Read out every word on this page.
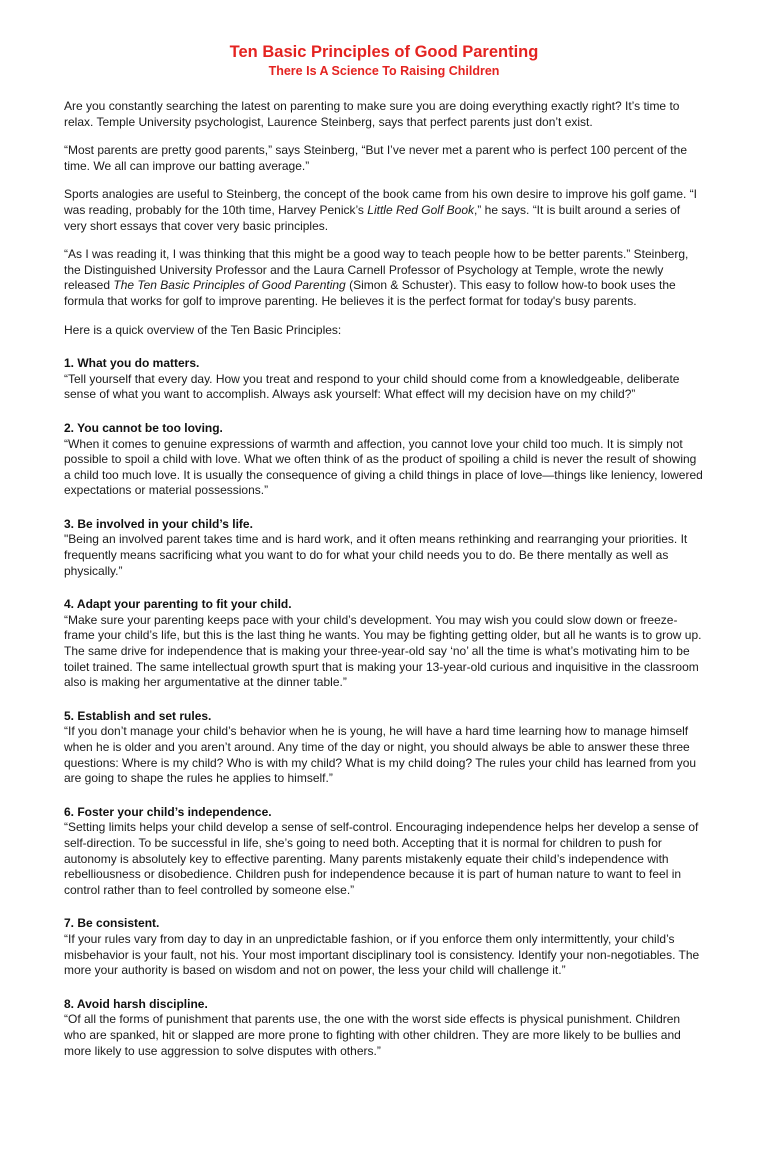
Ten Basic Principles of Good Parenting
There Is A Science To Raising Children

Are you constantly searching the latest on parenting to make sure you are doing everything exactly right? It’s time to relax. Temple University psychologist, Laurence Steinberg, says that perfect parents just don’t exist.

“Most parents are pretty good parents,” says Steinberg, “But I’ve never met a parent who is perfect 100 percent of the time. We all can improve our batting average.”

Sports analogies are useful to Steinberg, the concept of the book came from his own desire to improve his golf game. “I was reading, probably for the 10th time, Harvey Penick’s Little Red Golf Book,” he says. “It is built around a series of very short essays that cover very basic principles.

“As I was reading it, I was thinking that this might be a good way to teach people how to be better parents.” Steinberg, the Distinguished University Professor and the Laura Carnell Professor of Psychology at Temple, wrote the newly released The Ten Basic Principles of Good Parenting (Simon & Schuster). This easy to follow how-to book uses the formula that works for golf to improve parenting. He believes it is the perfect format for today's busy parents.

Here is a quick overview of the Ten Basic Principles:

1. What you do matters.

“Tell yourself that every day. How you treat and respond to your child should come from a knowledgeable, deliberate sense of what you want to accomplish. Always ask yourself: What effect will my decision have on my child?”

2. You cannot be too loving.

“When it comes to genuine expressions of warmth and affection, you cannot love your child too much. It is simply not possible to spoil a child with love. What we often think of as the product of spoiling a child is never the result of showing a child too much love. It is usually the consequence of giving a child things in place of love—things like leniency, lowered expectations or material possessions.”

3. Be involved in your child’s life.

"Being an involved parent takes time and is hard work, and it often means rethinking and rearranging your priorities. It frequently means sacrificing what you want to do for what your child needs you to do. Be there mentally as well as physically.”

4. Adapt your parenting to fit your child.

“Make sure your parenting keeps pace with your child’s development. You may wish you could slow down or freeze-frame your child’s life, but this is the last thing he wants. You may be fighting getting older, but all he wants is to grow up. The same drive for independence that is making your three-year-old say ‘no’ all the time is what’s motivating him to be toilet trained. The same intellectual growth spurt that is making your 13-year-old curious and inquisitive in the classroom also is making her argumentative at the dinner table.”

5. Establish and set rules.

“If you don’t manage your child’s behavior when he is young, he will have a hard time learning how to manage himself when he is older and you aren’t around. Any time of the day or night, you should always be able to answer these three questions: Where is my child? Who is with my child? What is my child doing? The rules your child has learned from you are going to shape the rules he applies to himself.”

6. Foster your child’s independence.

“Setting limits helps your child develop a sense of self-control. Encouraging independence helps her develop a sense of self-direction. To be successful in life, she’s going to need both. Accepting that it is normal for children to push for autonomy is absolutely key to effective parenting. Many parents mistakenly equate their child’s independence with rebelliousness or disobedience. Children push for independence because it is part of human nature to want to feel in control rather than to feel controlled by someone else.”

7. Be consistent.

“If your rules vary from day to day in an unpredictable fashion, or if you enforce them only intermittently, your child’s misbehavior is your fault, not his. Your most important disciplinary tool is consistency. Identify your non-negotiables. The more your authority is based on wisdom and not on power, the less your child will challenge it.”

8. Avoid harsh discipline.

“Of all the forms of punishment that parents use, the one with the worst side effects is physical punishment. Children who are spanked, hit or slapped are more prone to fighting with other children. They are more likely to be bullies and more likely to use aggression to solve disputes with others.”
